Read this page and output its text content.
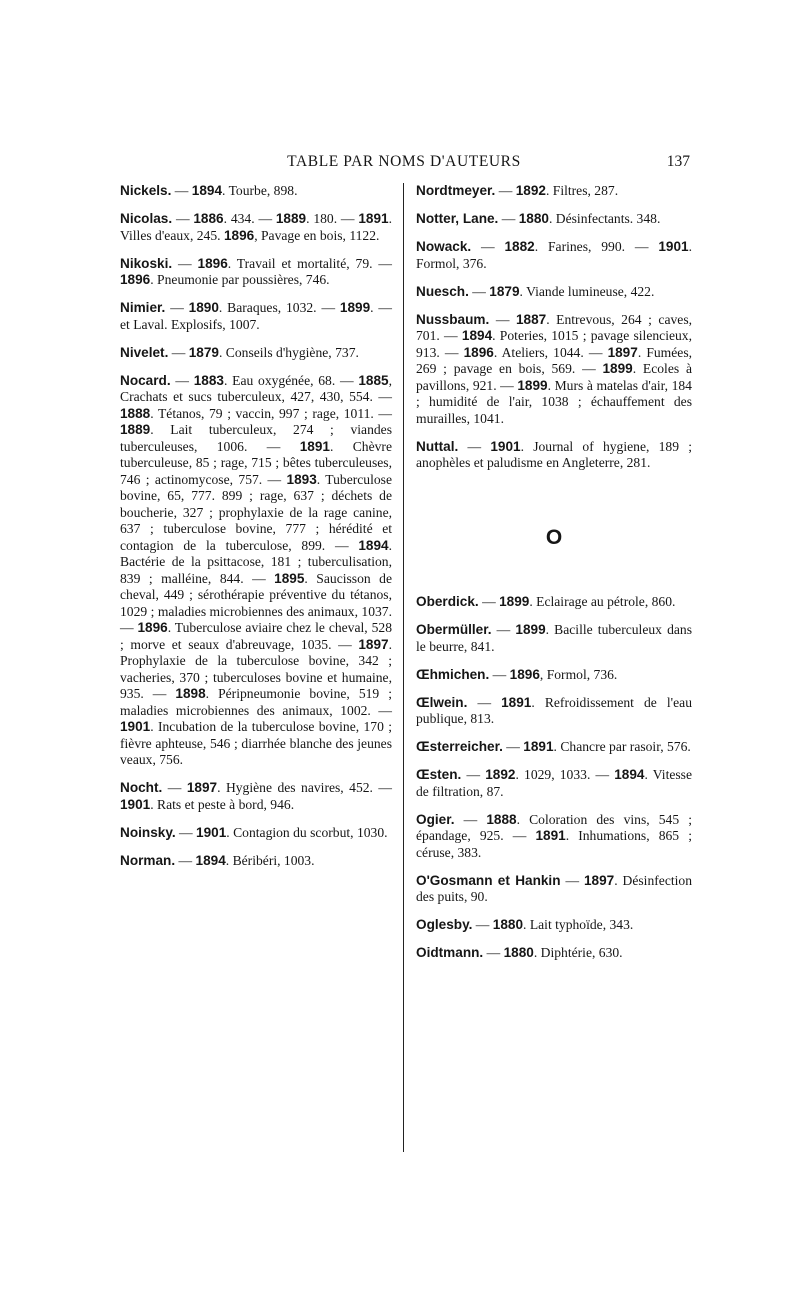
TABLE PAR NOMS D'AUTEURS	137

Nickels. — 1894. Tourbe, 898.

Nicolas. — 1886. 434. — 1889. 180. — 1891. Villes d'eaux, 245. 1896, Pavage en bois, 1122.

Nikoski. — 1896. Travail et mortalité, 79. — 1896. Pneumonie par poussières, 746.

Nimier. — 1890. Baraques, 1032. — 1899. — et Laval. Explosifs, 1007.

Nivelet. — 1879. Conseils d'hygiène, 737.

Nocard. — 1883. Eau oxygénée, 68. — 1885, Crachats et sucs tuberculeux, 427, 430, 554. — 1888. Tétanos, 79 ; vaccin, 997 ; rage, 1011. — 1889. Lait tuberculeux, 274 ; viandes tuberculeuses, 1006. — 1891. Chèvre tuberculeuse, 85 ; rage, 715 ; bêtes tuberculeuses, 746 ; actinomycose, 757. — 1893. Tuberculose bovine, 65, 777. 899 ; rage, 637 ; déchets de boucherie, 327 ; prophylaxie de la rage canine, 637 ; tuberculose bovine, 777 ; hérédité et contagion de la tuberculose, 899. — 1894. Bactérie de la psittacose, 181 ; tuberculisation, 839 ; malléine, 844. — 1895. Saucisson de cheval, 449 ; sérothérapie préventive du tétanos, 1029 ; maladies microbiennes des animaux, 1037. — 1896. Tuberculose aviaire chez le cheval, 528 ; morve et seaux d'abreuvage, 1035. — 1897. Prophylaxie de la tuberculose bovine, 342 ; vacheries, 370 ; tuberculoses bovine et humaine, 935. — 1898. Péripneumonie bovine, 519 ; maladies microbiennes des animaux, 1002. — 1901. Incubation de la tuberculose bovine, 170 ; fièvre aphteuse, 546 ; diarrhée blanche des jeunes veaux, 756.

Nocht. — 1897. Hygiène des navires, 452. — 1901. Rats et peste à bord, 946.

Noinsky. — 1901. Contagion du scorbut, 1030.

Norman. — 1894. Béribéri, 1003.

Nordtmeyer. — 1892. Filtres, 287.

Notter, Lane. — 1880. Désinfectants. 348.

Nowack. — 1882. Farines, 990. — 1901. Formol, 376.

Nuesch. — 1879. Viande lumineuse, 422.

Nussbaum. — 1887. Entrevous, 264 ; caves, 701. — 1894. Poteries, 1015 ; pavage silencieux, 913. — 1896. Ateliers, 1044. — 1897. Fumées, 269 ; pavage en bois, 569. — 1899. Ecoles à pavillons, 921. — 1899. Murs à matelas d'air, 184 ; humidité de l'air, 1038 ; échauffement des murailles, 1041.

Nuttal. — 1901. Journal of hygiene, 189 ; anophèles et paludisme en Angleterre, 281.

O

Oberdick. — 1899. Eclairage au pétrole, 860.

Obermüller. — 1899. Bacille tuberculeux dans le beurre, 841.

Œhmichen. — 1896, Formol, 736.

Œlwein. — 1891. Refroidissement de l'eau publique, 813.

Œsterreicher. — 1891. Chancre par rasoir, 576.

Œsten. — 1892. 1029, 1033. — 1894. Vitesse de filtration, 87.

Ogier. — 1888. Coloration des vins, 545 ; épandage, 925. — 1891. Inhumations, 865 ; céruse, 383.

O'Gosmann et Hankin — 1897. Désinfection des puits, 90.

Oglesby. — 1880. Lait typhoïde, 343.

Oidtmann. — 1880. Diphtérie, 630.
